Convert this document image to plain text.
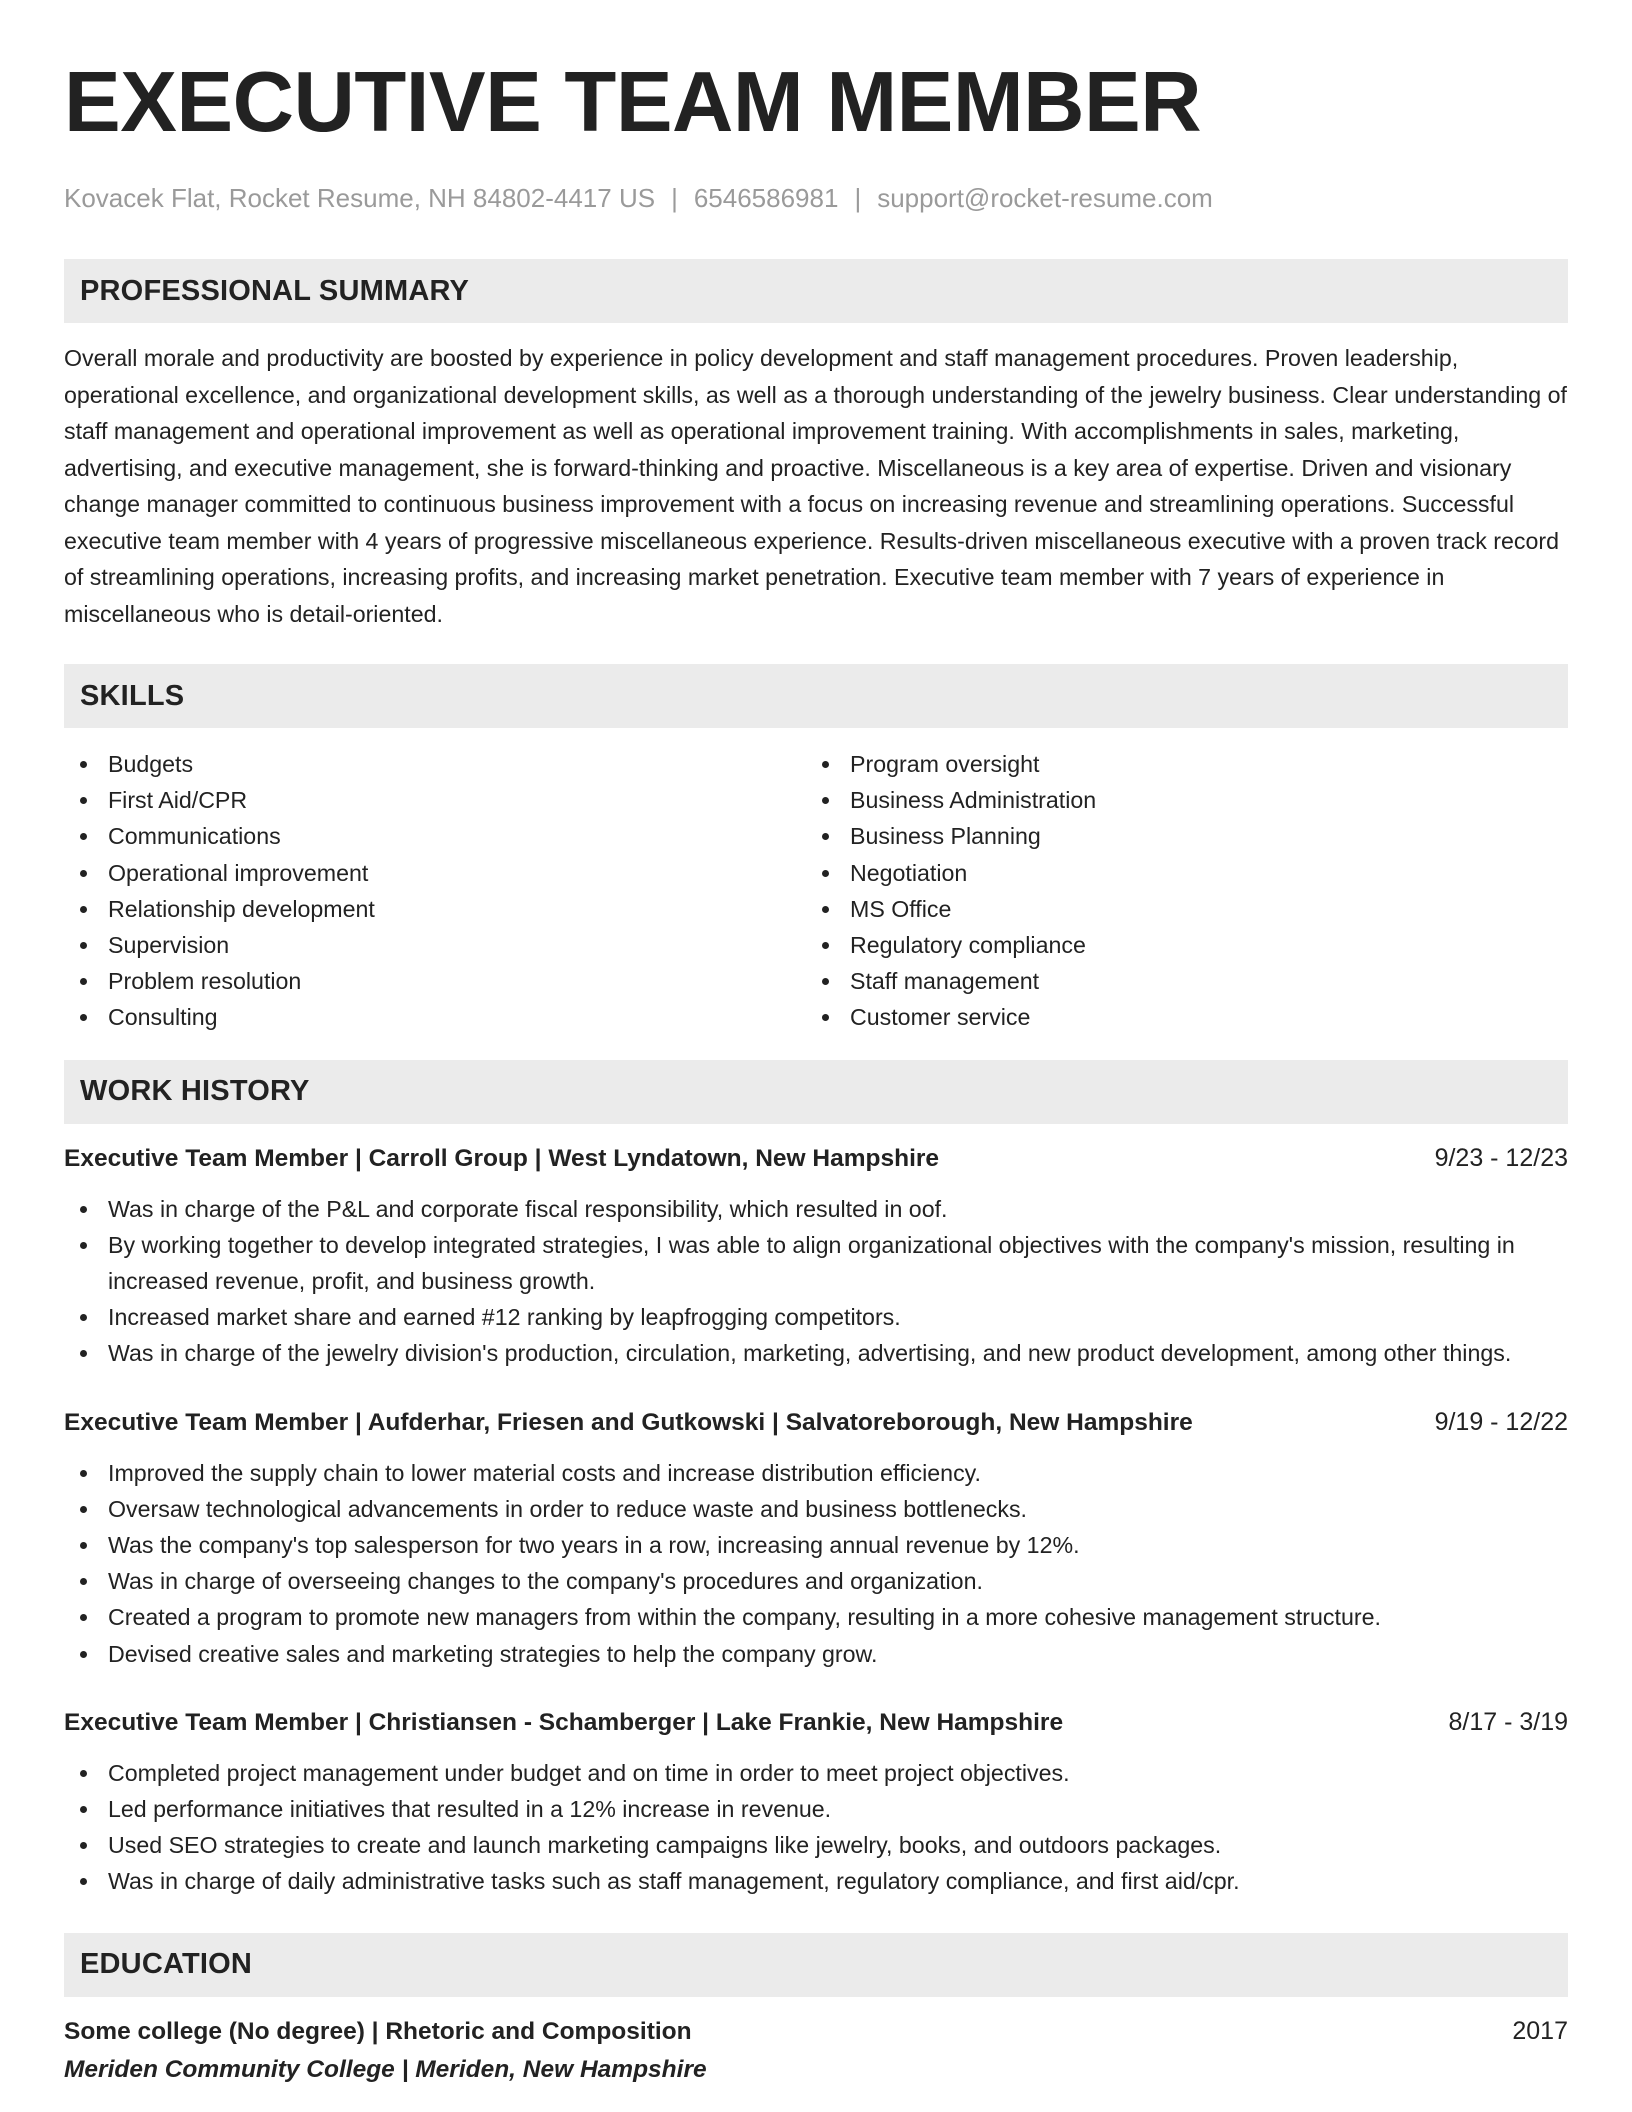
EXECUTIVE TEAM MEMBER
Kovacek Flat, Rocket Resume, NH 84802-4417 US | 6546586981 | support@rocket-resume.com
PROFESSIONAL SUMMARY
Overall morale and productivity are boosted by experience in policy development and staff management procedures. Proven leadership, operational excellence, and organizational development skills, as well as a thorough understanding of the jewelry business. Clear understanding of staff management and operational improvement as well as operational improvement training. With accomplishments in sales, marketing, advertising, and executive management, she is forward-thinking and proactive. Miscellaneous is a key area of expertise. Driven and visionary change manager committed to continuous business improvement with a focus on increasing revenue and streamlining operations. Successful executive team member with 4 years of progressive miscellaneous experience. Results-driven miscellaneous executive with a proven track record of streamlining operations, increasing profits, and increasing market penetration. Executive team member with 7 years of experience in miscellaneous who is detail-oriented.
SKILLS
Budgets
First Aid/CPR
Communications
Operational improvement
Relationship development
Supervision
Problem resolution
Consulting
Program oversight
Business Administration
Business Planning
Negotiation
MS Office
Regulatory compliance
Staff management
Customer service
WORK HISTORY
Executive Team Member | Carroll Group | West Lyndatown, New Hampshire	9/23 - 12/23
Was in charge of the P&L and corporate fiscal responsibility, which resulted in oof.
By working together to develop integrated strategies, I was able to align organizational objectives with the company's mission, resulting in increased revenue, profit, and business growth.
Increased market share and earned #12 ranking by leapfrogging competitors.
Was in charge of the jewelry division's production, circulation, marketing, advertising, and new product development, among other things.
Executive Team Member | Aufderhar, Friesen and Gutkowski | Salvatoreborough, New Hampshire	9/19 - 12/22
Improved the supply chain to lower material costs and increase distribution efficiency.
Oversaw technological advancements in order to reduce waste and business bottlenecks.
Was the company's top salesperson for two years in a row, increasing annual revenue by 12%.
Was in charge of overseeing changes to the company's procedures and organization.
Created a program to promote new managers from within the company, resulting in a more cohesive management structure.
Devised creative sales and marketing strategies to help the company grow.
Executive Team Member | Christiansen - Schamberger | Lake Frankie, New Hampshire	8/17 - 3/19
Completed project management under budget and on time in order to meet project objectives.
Led performance initiatives that resulted in a 12% increase in revenue.
Used SEO strategies to create and launch marketing campaigns like jewelry, books, and outdoors packages.
Was in charge of daily administrative tasks such as staff management, regulatory compliance, and first aid/cpr.
EDUCATION
Some college (No degree) | Rhetoric and Composition	2017
Meriden Community College | Meriden, New Hampshire
